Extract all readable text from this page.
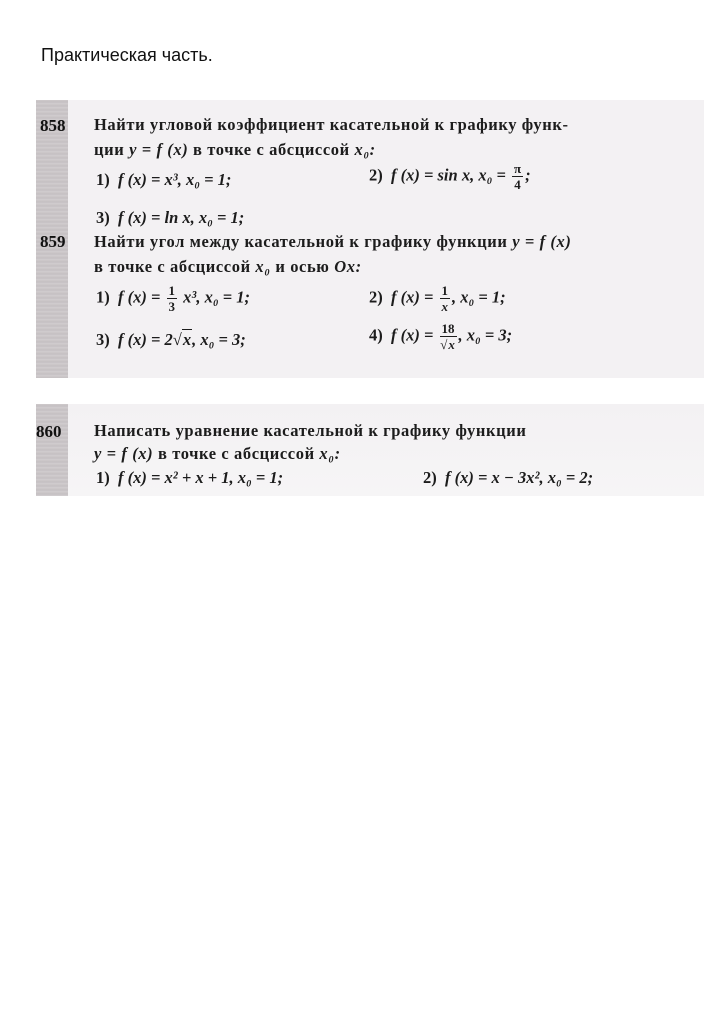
Практическая часть.
858 Найти угловой коэффициент касательной к графику функ-
ции y = f (x) в точке с абсциссой x₀:
1) f (x) = x³, x₀ = 1;	2) f (x) = sin x, $x_0 = \frac{\pi}{4}$ ;
3) f (x) = ln x, x₀ = 1;
859 Найти угол между касательной к графику функции y = f (x)
в точке с абсциссой x₀ и осью Ox:
1) f $(x) = \frac{1}{3} x^3$, x₀ = 1;	2) f $(x) = \frac{1}{x}$ , x₀ = 1;
3) f (x) = 2√x, x₀ = 3;	4) f $(x) = \frac{18}{√x}$ , x₀ = 3;
860 Написать уравнение касательной к графику функции
y = f (x) в точке с абсциссой x₀:
1) f (x) = x² + x + 1, x₀ = 1;	2) f (x) = x − 3x², x₀ = 2;
